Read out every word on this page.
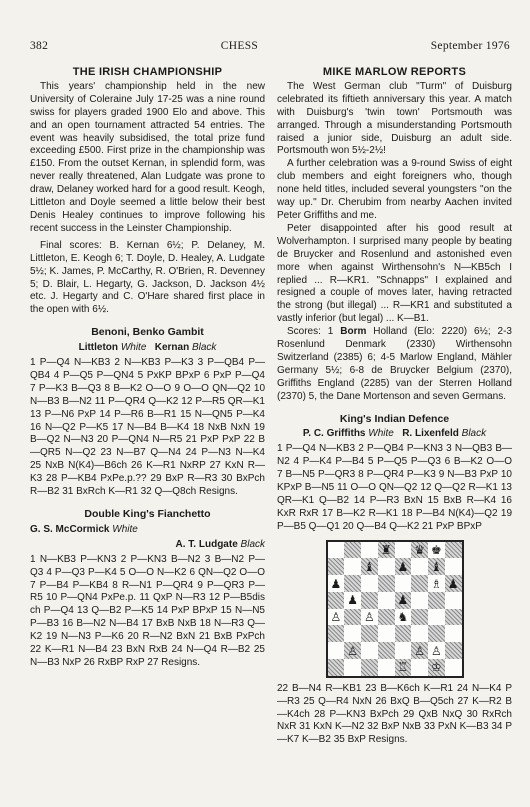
382	CHESS	September 1976
THE IRISH CHAMPIONSHIP

This years' championship held in the new University of Coleraine July 17-25 was a nine round swiss for players graded 1900 Elo and above. This and an open tournament attracted 54 entries. The event was heavily subsidised, the total prize fund exceeding £500. First prize in the championship was £150. From the outset Kernan, in splendid form, was never really threatened, Alan Ludgate was prone to draw, Delaney worked hard for a good result. Keogh, Littleton and Doyle seemed a little below their best Denis Healey continues to improve following his recent success in the Leinster Championship.

Final scores: B. Kernan 6½; P. Delaney, M. Littleton, E. Keogh 6; T. Doyle, D. Healey, A. Ludgate 5½; K. James, P. McCarthy, R. O'Brien, R. Devenney 5; D. Blair, L. Hegarty, G. Jackson, D. Jackson 4½ etc. J. Hegarty and C. O'Hare shared first place in the open with 6½.

Benoni, Benko Gambit
Littleton White Kernan Black

1 P—Q4 N—KB3 2 N—KB3 P—K3 3 P—QB4 P—QB4 4 P—Q5 P—QN4 5 PxKP BPxP 6 PxP P—Q4 7 P—K3 B—Q3 8 B—K2 O—O 9 O—O QN—Q2 10 N—B3 B—N2 11 P—QR4 Q—K2 12 P—R5 QR—K1 13 P—N6 PxP 14 P—R6 B—R1 15 N—QN5 P—K4 16 N—Q2 P—K5 17 N—B4 B—K4 18 NxB NxN 19 B—Q2 N—N3 20 P—QN4 N—R5 21 PxP PxP 22 B—QR5 N—Q2 23 N—B7 Q—N4 24 P—N3 N—K4 25 NxB N(K4)—B6ch 26 K—R1 NxRP 27 KxN R—K3 28 P—KB4 PxPe.p.?? 29 BxP R—R3 30 BxPch R—B2 31 BxRch K—R1 32 Q—Q8ch Resigns.

Double King's Fianchetto
G. S. McCormick White
A. T. Ludgate Black

1 N—KB3 P—KN3 2 P—KN3 B—N2 3 B—N2 P—Q3 4 P—Q3 P—K4 5 O—O N—K2 6 QN—Q2 O—O 7 P—B4 P—KB4 8 R—N1 P—QR4 9 P—QR3 P—R5 10 P—QN4 PxPe.p. 11 QxP N—R3 12 P—B5dis ch P—Q4 13 Q—B2 P—K5 14 PxP BPxP 15 N—N5 P—B3 16 B—N2 N—B4 17 BxB NxB 18 N—R3 Q—K2 19 N—N3 P—K6 20 R—N2 BxN 21 BxB PxPch 22 K—R1 N—B4 23 BxN RxB 24 N—Q4 R—B2 25 N—B3 NxP 26 RxBP RxP 27 Resigns.

MIKE MARLOW REPORTS

The West German club "Turm" of Duisburg celebrated its fiftieth anniversary this year. A match with Duisburg's 'twin town' Portsmouth was arranged. Through a misunderstanding Portsmouth raised a junior side, Duisburg an adult side. Portsmouth won 5½-2½!

A further celebration was a 9-round Swiss of eight club members and eight foreigners who, though none held titles, included several youngsters "on the way up." Dr. Cherubim from nearby Aachen invited Peter Griffiths and me.

Peter disappointed after his good result at Wolverhampton. I surprised many people by beating de Bruycker and Rosenlund and astonished even more when against Wirthensohn's N—KB5ch I replied ... R—KR1. "Schnapps" I explained and resigned a couple of moves later, having retracted the strong (but illegal) ... R—KR1 and substituted a vastly inferior (but legal) ... K—B1.

Scores: 1 Borm Holland (Elo: 2220) 6½; 2-3 Rosenlund Denmark (2330) Wirthensohn Switzerland (2385) 6; 4-5 Marlow England, Mähler Germany 5½; 6-8 de Bruycker Belgium (2370), Griffiths England (2285) van der Sterren Holland (2370) 5, the Dane Mortenson and seven Germans.

King's Indian Defence
P. C. Griffiths White R. Lixenfeld Black

1 P—Q4 N—KB3 2 P—QB4 P—KN3 3 N—QB3 B—N2 4 P—K4 P—B4 5 P—Q5 P—Q3 6 B—K2 O—O 7 B—N5 P—QR3 8 P—QR4 P—K3 9 N—B3 PxP 10 KPxP B—N5 11 O—O QN—Q2 12 Q—Q2 R—K1 13 QR—K1 Q—B2 14 P—R3 BxN 15 BxB R—K4 16 KxR RxR 17 B—K2 R—K1 18 P—B4 N(K4)—Q2 19 P—B5 Q—Q1 20 Q—B4 Q—K2 21 PxP BPxP

♜ ♛ ♚
♝ ♟ ♝
♟	♗ ♟
♟	♟
♙ ♙ ♞
♙	♙ ♙
♖ ♔

22 B—N4 R—KB1 23 B—K6ch K—R1 24 N—K4 P—R3 25 Q—R4 NxN 26 BxQ B—Q5ch 27 K—R2 B—K4ch 28 P—KN3 BxPch 29 QxB NxQ 30 RxRch NxR 31 KxN K—N2 32 BxP NxB 33 PxN K—B3 34 P—K7 K—B2 35 BxP Resigns.
